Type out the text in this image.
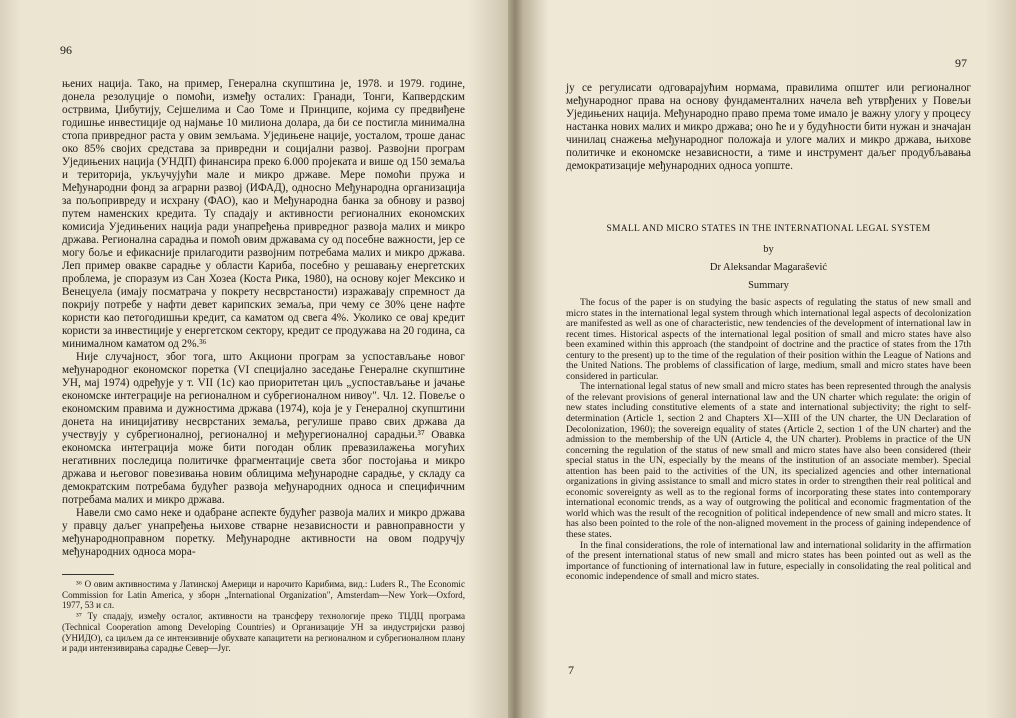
96

њених нација. Тако, на пример, Генерална скупштина је, 1978. и 1979. године, донела резолуције о помоћи, између осталих: Гранади, Тонги, Капвердским острвима, Џибутију, Сејшелима и Сао Томе и Принципе, којима су предвиђене годишње инвестиције од најмање 10 милиона долара, да би се постигла минимална стопа привредног раста у овим земљама. Уједињене нације, уосталом, троше данас око 85% својих средстава за привредни и социјални развој. Развојни програм Уједињених нација (УНДП) финансира преко 6.000 пројеката и више од 150 земаља и територија, укључујући мале и микро државе. Мере помоћи пружа и Међународни фонд за аграрни развој (ИФАД), односно Међународна организација за пољопривреду и исхрану (ФАО), као и Међународна банка за обнову и развој путем наменских кредита. Ту спадају и активности регионалних економских комисија Уједињених нација ради унапређења привредног развоја малих и микро држава. Регионална сарадња и помоћ овим државама су од посебне важности, јер се могу боље и ефикасније прилагодити развојним потребама малих и микро држава. Леп пример овакве сарадње у области Кариба, посебно у решавању енергетских проблема, је споразум из Сан Хозеа (Коста Рика, 1980), на основу којег Мексико и Венецуела (имају посматрача у покрету несврстаности) изражавају спремност да покрију потребе у нафти девет карипских земаља, при чему се 30% цене нафте користи као петогодишњи кредит, са каматом од свега 4%. Уколико се овај кредит користи за инвестиције у енергетском сектору, кредит се продужава на 20 година, са минималном каматом од 2%.³⁶

Није случајност, због тога, што Акциони програм за успостављање новог међународног економског поретка (VI специјално заседање Генералне скупштине УН, мај 1974) одређује у т. VII (1с) као приоритетан циљ „успостављање и јачање економске интеграције на регионалном и субрегионалном нивоу". Чл. 12. Повеље о економским правима и дужностима држава (1974), која је у Генералној скупштини донета на иницијативу несврстаних земаља, регулише право свих држава да учествују у субрегионалној, регионалној и међурегионалној сарадњи.³⁷ Овавка економска интеграција може бити погодан облик превазилажења могућих негативних последица политичке фрагментације света због постојања и микро држава и његовог повезивања новим облицима међународне сарадње, у складу са демократским потребама будућег развоја међународних односа и специфичним потребама малих и микро држава.

Навели смо само неке и одабране аспекте будућег развоја малих и микро држава у правцу даљег унапређења њихове стварне независности и равноправности у међународноправном поретку. Међународне активности на овом подручју међународних односа мора-

³⁶ О овим активностима у Латинској Америци и нарочито Карибима, вид.: Luders R., The Economic Commission for Latin America, у зборн „International Organization", Amsterdam—New York—Oxford, 1977, 53 и сл.

³⁷ Ту спадају, између осталог, активности на трансферу технологије преко ТЦДЦ програма (Technical Cooperation among Developing Countries) и Организације УН за индустријски развој (УНИДО), са циљем да се интензивније обухвате капацитети на регионалном и субрегионалном плану и ради интензивирања сарадње Север—Југ.

97

ју се регулисати одговарајућим нормама, правилима општег или регионалног међународног права на основу фундаменталних начела већ утврђених у Повељи Уједињених нација. Међународно право према томе имало је важну улогу у процесу настанка нових малих и микро држава; оно ће и у будућности бити нужан и значајан чинилац снажења међународног положаја и улоге малих и микро држава, њихове политичке и економске независности, а тиме и инструмент даљег продубљавања демократизације међународних односа уопште.

SMALL AND MICRO STATES IN THE INTERNATIONAL LEGAL SYSTEM
by
Dr Aleksandar Magarašević
Summary

The focus of the paper is on studying the basic aspects of regulating the status of new small and micro states in the international legal system through which international legal aspects of decolonization are manifested as well as one of characteristic, new tendencies of the development of international law in recent times. Historical aspects of the international legal position of small and micro states have also been examined within this approach (the standpoint of doctrine and the practice of states from the 17th century to the present) up to the time of the regulation of their position within the League of Nations and the United Nations. The problems of classification of large, medium, small and micro states have been considered in particular.

The international legal status of new small and micro states has been represented through the analysis of the relevant provisions of general international law and the UN charter which regulate: the origin of new states including constitutive elements of a state and international subjectivity; the right to self-determination (Article 1, section 2 and Chapters XI—XIII of the UN charter, the UN Declaration of Decolonization, 1960); the sovereign equality of states (Article 2, section 1 of the UN charter) and the admission to the membership of the UN (Article 4, the UN charter). Problems in practice of the UN concerning the regulation of the status of new small and micro states have also been considered (their special status in the UN, especially by the means of the institution of an associate member). Special attention has been paid to the activities of the UN, its specialized agencies and other international organizations in giving assistance to small and micro states in order to strengthen their real political and economic sovereignty as well as to the regional forms of incorporating these states into contemporary international economic trends, as a way of outgrowing the political and economic fragmentation of the world which was the result of the recognition of political independence of new small and micro states. It has also been pointed to the role of the non-aligned movement in the process of gaining independence of these states.

In the final considerations, the role of international law and international solidarity in the affirmation of the present international status of new small and micro states has been pointed out as well as the importance of functioning of international law in future, especially in consolidating the real political and economic independence of small and micro states.

7
